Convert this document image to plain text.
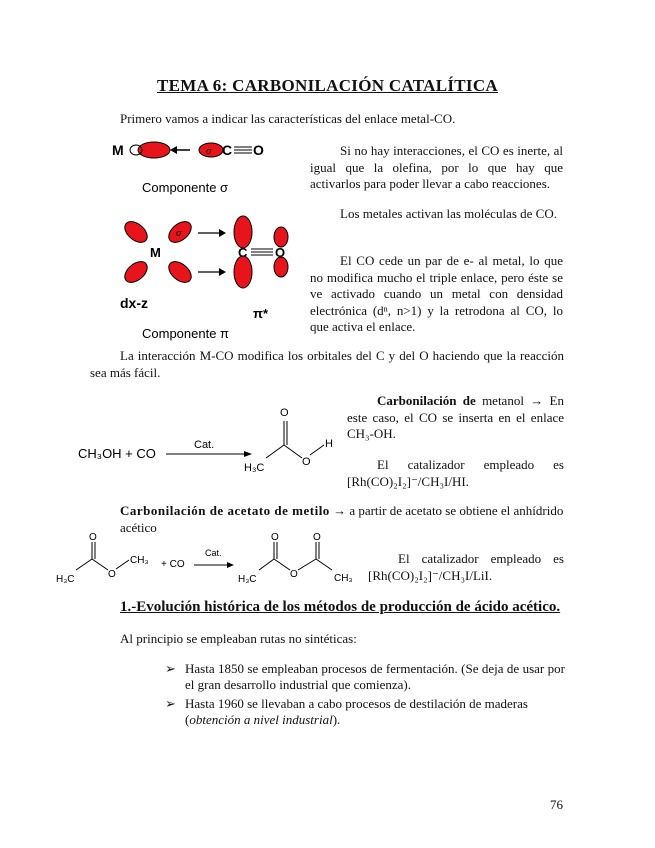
TEMA 6: CARBONILACIÓN CATALÍTICA
Primero vamos a indicar las características del enlace metal-CO.
M	σ C O
Componente σ
M
σ
C O
dx-z
π*
Componente π
Si no hay interacciones, el CO es inerte, al igual que la olefina, por lo que hay que activarlos para poder llevar a cabo reacciones.
Los metales activan las moléculas de CO.
El CO cede un par de e- al metal, lo que no modifica mucho el triple enlace, pero éste se ve activado cuando un metal con densidad electrónica (dⁿ, n>1) y la retrodona al CO, lo que activa el enlace.
La interacción M-CO modifica los orbitales del C y del O haciendo que la reacción sea más fácil.
CH₃OH + CO
Cat.
O
O
H
H₃C
Carbonilación de metanol → En este caso, el CO se inserta en el enlace CH₃-OH.
El catalizador empleado es [Rh(CO)₂I₂]⁻/CH₃I/HI.
Carbonilación de acetato de metilo → a partir de acetato se obtiene el anhídrido acético
O
O
CH₃
H₃C
+ CO
Cat.
O	O
O
H₃C	CH₃
El catalizador empleado es [Rh(CO)₂I₂]⁻/CH₃I/LiI.
1.-Evolución histórica de los métodos de producción de ácido acético.
Al principio se empleaban rutas no sintéticas:
➢ Hasta 1850 se empleaban procesos de fermentación. (Se deja de usar por el gran desarrollo industrial que comienza).
➢ Hasta 1960 se llevaban a cabo procesos de destilación de maderas (obtención a nivel industrial).
76
